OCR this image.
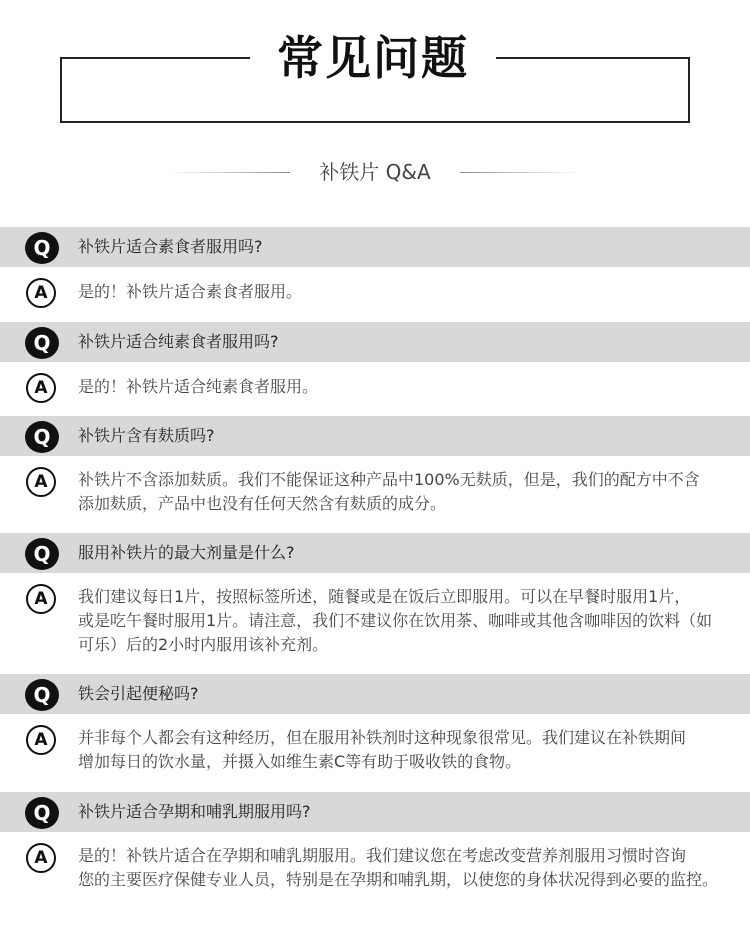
常见问题
补铁片 Q&A
Q	补铁片适合素食者服用吗?
A	是的！补铁片适合素食者服用。
Q	补铁片适合纯素食者服用吗?
A	是的！补铁片适合纯素食者服用。
Q	补铁片含有麸质吗?
A	补铁片不含添加麸质。我们不能保证这种产品中100%无麸质，但是，我们的配方中不含
添加麸质，产品中也没有任何天然含有麸质的成分。
Q	服用补铁片的最大剂量是什么?
A	我们建议每日1片，按照标签所述，随餐或是在饭后立即服用。可以在早餐时服用1片，
或是吃午餐时服用1片。请注意，我们不建议你在饮用茶、咖啡或其他含咖啡因的饮料（如
可乐）后的2小时内服用该补充剂。
Q	铁会引起便秘吗?
A	并非每个人都会有这种经历，但在服用补铁剂时这种现象很常见。我们建议在补铁期间
增加每日的饮水量，并摄入如维生素C等有助于吸收铁的食物。
Q	补铁片适合孕期和哺乳期服用吗?
A	是的！补铁片适合在孕期和哺乳期服用。我们建议您在考虑改变营养剂服用习惯时咨询
您的主要医疗保健专业人员，特别是在孕期和哺乳期，以使您的身体状况得到必要的监控。
